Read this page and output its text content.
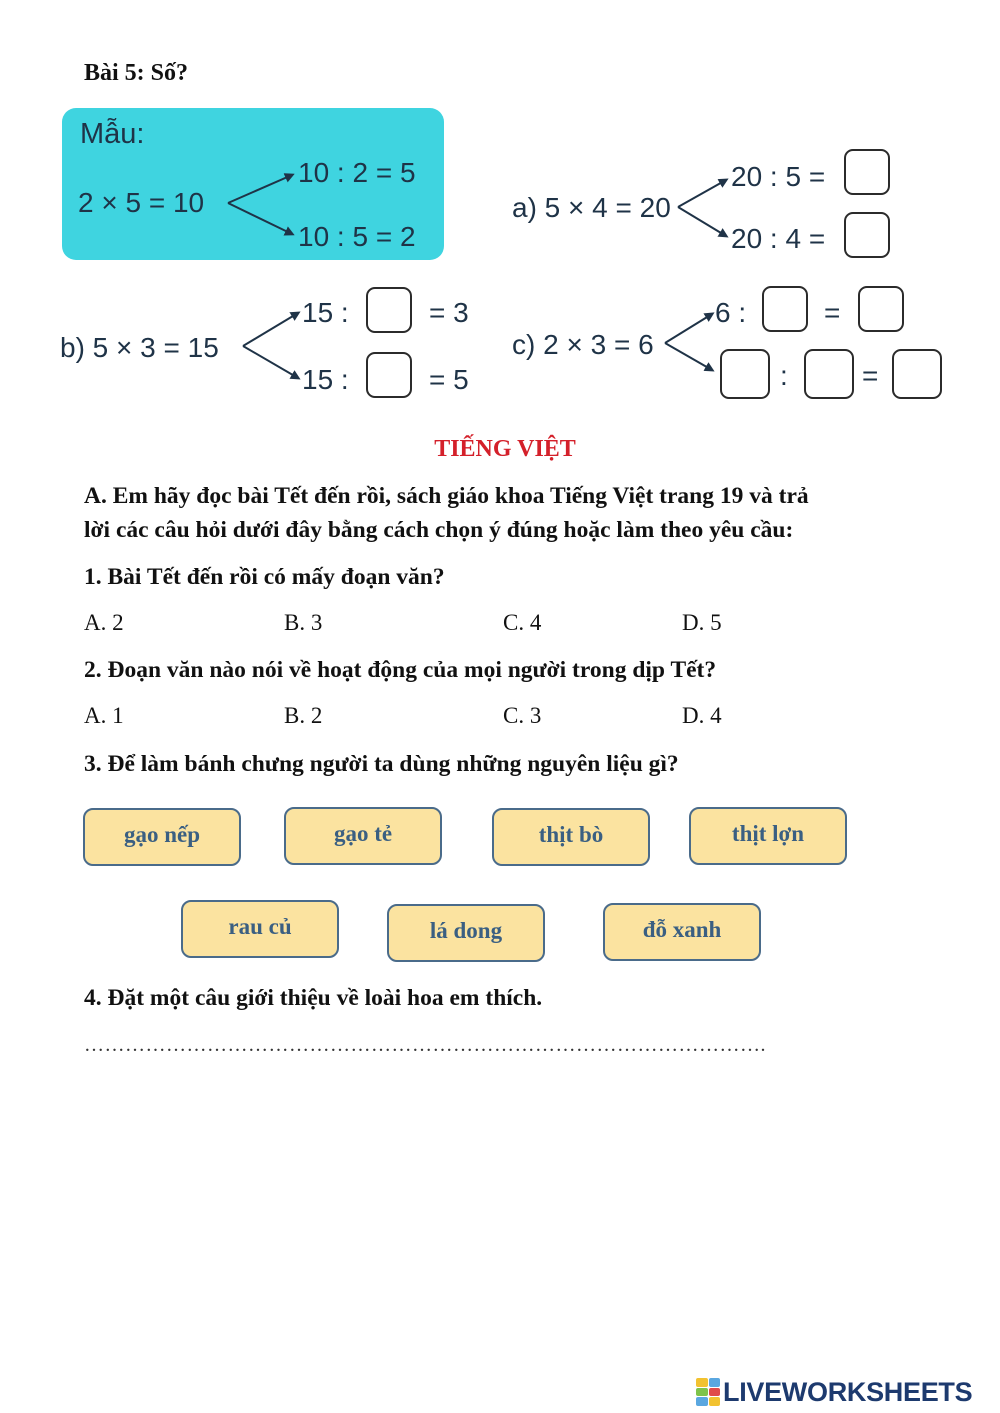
Bài 5: Số?
Mẫu:
2 × 5 = 10
10 : 2 = 5
10 : 5 = 2
a) 5 × 4 = 20
20 : 5 =
20 : 4 =
b) 5 × 3 = 15
15 :	= 3
15 :	= 5
c) 2 × 3 = 6
6 :	=
:	=
TIẾNG VIỆT
A. Em hãy đọc bài Tết đến rồi, sách giáo khoa Tiếng Việt trang 19 và trả
lời các câu hỏi dưới đây bằng cách chọn ý đúng hoặc làm theo yêu cầu:
1. Bài Tết đến rồi có mấy đoạn văn?
A. 2	B. 3	C. 4	D. 5
2. Đoạn văn nào nói về hoạt động của mọi người trong dịp Tết?
A. 1	B. 2	C. 3	D. 4
3. Để làm bánh chưng người ta dùng những nguyên liệu gì?
gạo nếp	gạo tẻ	thịt bò	thịt lợn
rau củ	lá dong	đỗ xanh
4. Đặt một câu giới thiệu về loài hoa em thích.
……………………………………………………………………………………….
LIVEWORKSHEETS
